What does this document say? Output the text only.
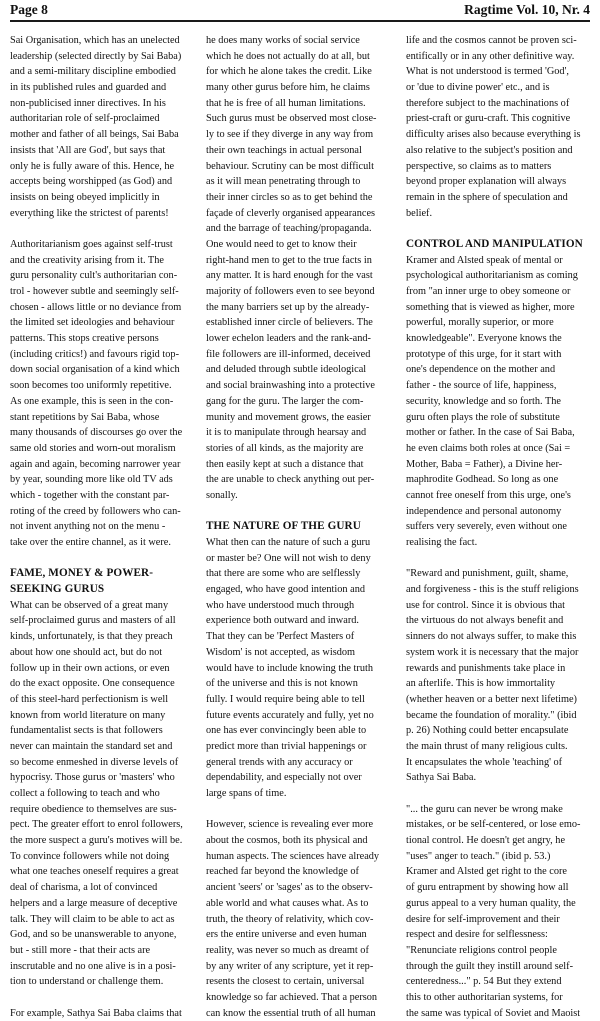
Page 8	Ragtime Vol. 10, Nr. 4
Sai Organisation, which has an unelected
leadership (selected directly by Sai Baba)
and a semi-military discipline embodied
in its published rules and guarded and
non-publicised inner directives. In his
authoritarian role of self-proclaimed
mother and father of all beings, Sai Baba
insists that 'All are God', but says that
only he is fully aware of this. Hence, he
accepts being worshipped (as God) and
insists on being obeyed implicitly in
everything like the strictest of parents!
Authoritarianism goes against self-trust
and the creativity arising from it. The
guru personality cult's authoritarian con-
trol - however subtle and seemingly self-
chosen - allows little or no deviance from
the limited set ideologies and behaviour
patterns. This stops creative persons
(including critics!) and favours rigid top-
down social organisation of a kind which
soon becomes too uniformly repetitive.
As one example, this is seen in the con-
stant repetitions by Sai Baba, whose
many thousands of discourses go over the
same old stories and worn-out moralism
again and again, becoming narrower year
by year, sounding more like old TV ads
which - together with the constant par-
roting of the creed by followers who can-
not invent anything not on the menu -
take over the entire channel, as it were.
FAME, MONEY & POWER-
SEEKING GURUS
What can be observed of a great many
self-proclaimed gurus and masters of all
kinds, unfortunately, is that they preach
about how one should act, but do not
follow up in their own actions, or even
do the exact opposite. One consequence
of this steel-hard perfectionism is well
known from world literature on many
fundamentalist sects is that followers
never can maintain the standard set and
so become enmeshed in diverse levels of
hypocrisy. Those gurus or 'masters' who
collect a following to teach and who
require obedience to themselves are sus-
pect. The greater effort to enrol followers,
the more suspect a guru's motives will be.
To convince followers while not doing
what one teaches oneself requires a great
deal of charisma, a lot of convinced
helpers and a large measure of deceptive
talk. They will claim to be able to act as
God, and so be unanswerable to anyone,
but - still more - that their acts are
inscrutable and no one alive is in a posi-
tion to understand or challenge them.
For example, Sathya Sai Baba claims that
he does many works of social service
which he does not actually do at all, but
for which he alone takes the credit. Like
many other gurus before him, he claims
that he is free of all human limitations.
Such gurus must be observed most close-
ly to see if they diverge in any way from
their own teachings in actual personal
behaviour. Scrutiny can be most difficult
as it will mean penetrating through to
their inner circles so as to get behind the
façade of cleverly organised appearances
and the barrage of teaching/propaganda.
One would need to get to know their
right-hand men to get to the true facts in
any matter. It is hard enough for the vast
majority of followers even to see beyond
the many barriers set up by the already-
established inner circle of believers. The
lower echelon leaders and the rank-and-
file followers are ill-informed, deceived
and deluded through subtle ideological
and social brainwashing into a protective
gang for the guru. The larger the com-
munity and movement grows, the easier
it is to manipulate through hearsay and
stories of all kinds, as the majority are
then easily kept at such a distance that
the are unable to check anything out per-
sonally.
THE NATURE OF THE GURU
What then can the nature of such a guru
or master be? One will not wish to deny
that there are some who are selflessly
engaged, who have good intention and
who have understood much through
experience both outward and inward.
That they can be 'Perfect Masters of
Wisdom' is not accepted, as wisdom
would have to include knowing the truth
of the universe and this is not known
fully. I would require being able to tell
future events accurately and fully, yet no
one has ever convincingly been able to
predict more than trivial happenings or
general trends with any accuracy or
dependability, and especially not over
large spans of time.
However, science is revealing ever more
about the cosmos, both its physical and
human aspects. The sciences have already
reached far beyond the knowledge of
ancient 'seers' or 'sages' as to the observ-
able world and what causes what. As to
truth, the theory of relativity, which cov-
ers the entire universe and even human
reality, was never so much as dreamt of
by any writer of any scripture, yet it rep-
resents the closest to certain, universal
knowledge so far achieved. That a person
can know the essential truth of all human
life and the cosmos cannot be proven sci-
entifically or in any other definitive way.
What is not understood is termed 'God',
or 'due to divine power' etc., and is
therefore subject to the machinations of
priest-craft or guru-craft. This cognitive
difficulty arises also because everything is
also relative to the subject's position and
perspective, so claims as to matters
beyond proper explanation will always
remain in the sphere of speculation and
belief.
CONTROL AND MANIPULATION
Kramer and Alsted speak of mental or
psychological authoritarianism as coming
from "an inner urge to obey someone or
something that is viewed as higher, more
powerful, morally superior, or more
knowledgeable". Everyone knows the
prototype of this urge, for it start with
one's dependence on the mother and
father - the source of life, happiness,
security, knowledge and so forth. The
guru often plays the role of substitute
mother or father. In the case of Sai Baba,
he even claims both roles at once (Sai =
Mother, Baba = Father), a Divine her-
maphrodite Godhead. So long as one
cannot free oneself from this urge, one's
independence and personal autonomy
suffers very severely, even without one
realising the fact.
"Reward and punishment, guilt, shame,
and forgiveness - this is the stuff religions
use for control. Since it is obvious that
the virtuous do not always benefit and
sinners do not always suffer, to make this
system work it is necessary that the major
rewards and punishments take place in
an afterlife. This is how immortality
(whether heaven or a better next lifetime)
became the foundation of morality." (ibid
p. 26) Nothing could better encapsulate
the main thrust of many religious cults.
It encapsulates the whole 'teaching' of
Sathya Sai Baba.
"... the guru can never be wrong make
mistakes, or be self-centered, or lose emo-
tional control. He doesn't get angry, he
"uses" anger to teach." (ibid p. 53.)
Kramer and Alsted get right to the core
of guru entrapment by showing how all
gurus appeal to a very human quality, the
desire for self-improvement and their
respect and desire for selflessness:
"Renunciate religions control people
through the guilt they instill around self-
centeredness..." p. 54 But they extend
this to other authoritarian systems, for
the same was typical of Soviet and Maoist
